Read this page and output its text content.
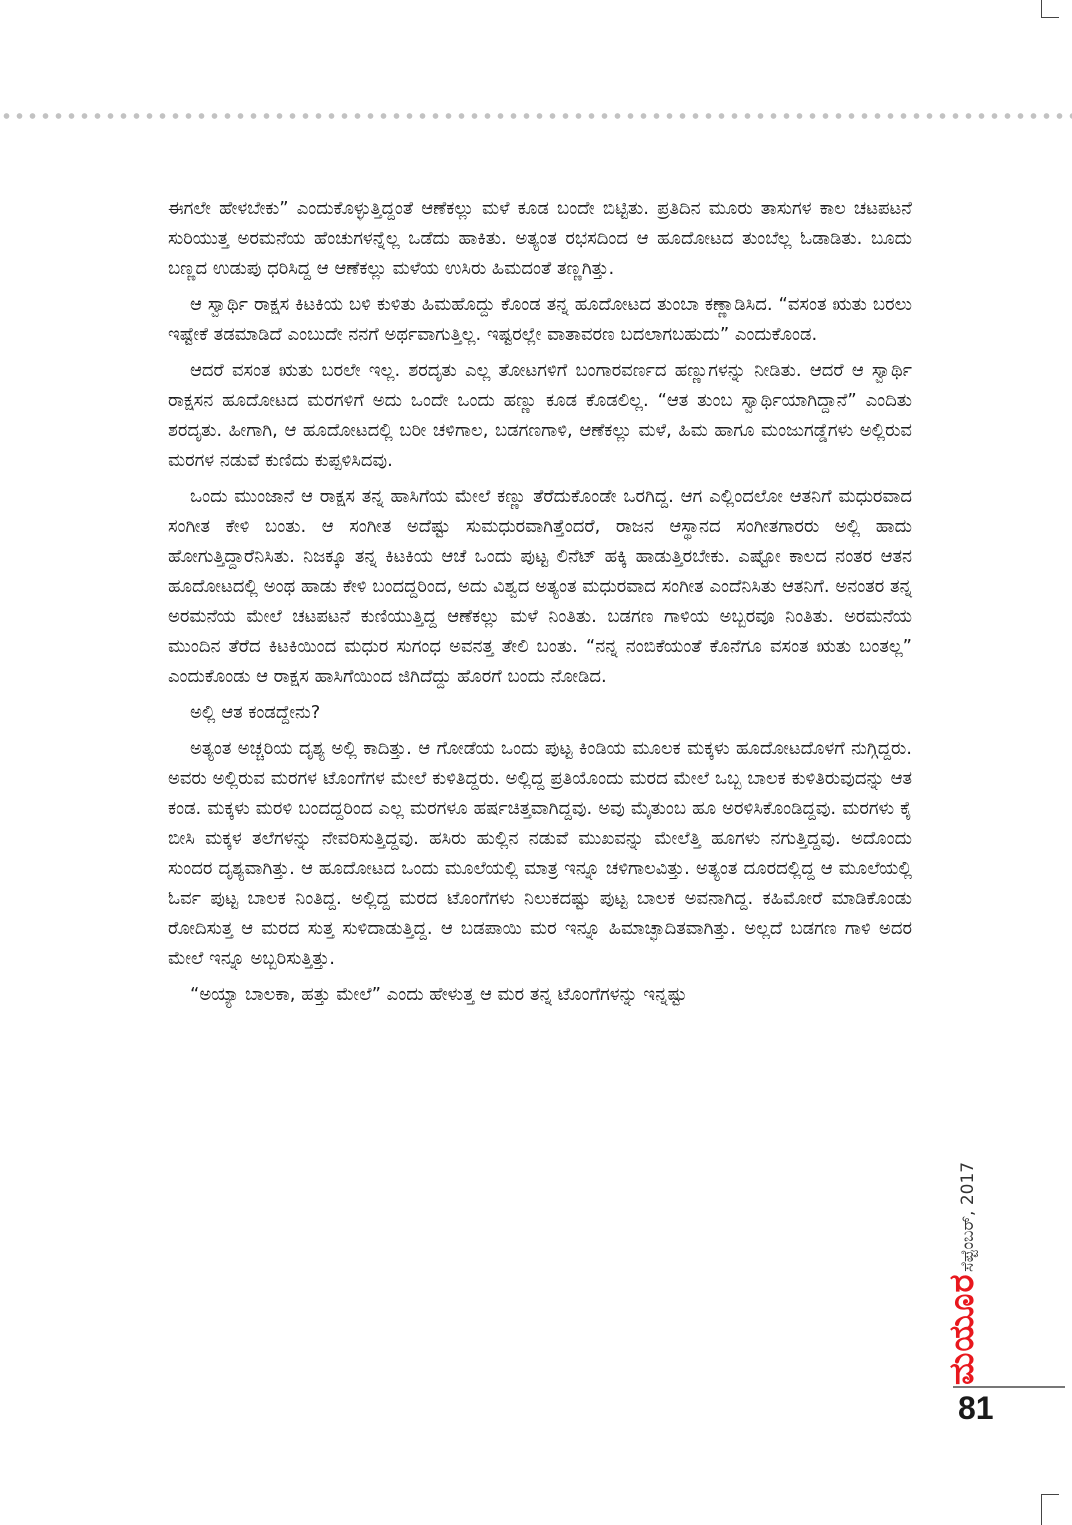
ಈಗಲೇ ಹೇಳಬೇಕು” ಎಂದುಕೊಳ್ಳುತ್ತಿದ್ದಂತೆ ಆಣೆಕಲ್ಲು ಮಳೆ ಕೂಡ ಬಂದೇ ಬಿಟ್ಟಿತು. ಪ್ರತಿದಿನ ಮೂರು ತಾಸುಗಳ ಕಾಲ ಚಟಪಟನೆ ಸುರಿಯುತ್ತ ಅರಮನೆಯ ಹೆಂಚುಗಳನ್ನೆಲ್ಲ ಒಡೆದು ಹಾಕಿತು. ಅತ್ಯಂತ ರಭಸದಿಂದ ಆ ಹೂದೋಟದ ತುಂಬೆಲ್ಲ ಓಡಾಡಿತು. ಬೂದು ಬಣ್ಣದ ಉಡುಪು ಧರಿಸಿದ್ದ ಆ ಆಣೆಕಲ್ಲು ಮಳೆಯ ಉಸಿರು ಹಿಮದಂತೆ ತಣ್ಣಗಿತ್ತು.

ಆ ಸ್ವಾರ್ಥಿ ರಾಕ್ಷಸ ಕಿಟಕಿಯ ಬಳಿ ಕುಳಿತು ಹಿಮಹೊದ್ದು ಕೊಂಡ ತನ್ನ ಹೂದೋಟದ ತುಂಬಾ ಕಣ್ಣಾಡಿಸಿದ. “ವಸಂತ ಋತು ಬರಲು ಇಷ್ಟೇಕೆ ತಡಮಾಡಿದೆ ಎಂಬುದೇ ನನಗೆ ಅರ್ಥವಾಗುತ್ತಿಲ್ಲ. ಇಷ್ಟರಲ್ಲೇ ವಾತಾವರಣ ಬದಲಾಗಬಹುದು” ಎಂದುಕೊಂಡ.

ಆದರೆ ವಸಂತ ಋತು ಬರಲೇ ಇಲ್ಲ. ಶರದೃತು ಎಲ್ಲ ತೋಟಗಳಿಗೆ ಬಂಗಾರವರ್ಣದ ಹಣ್ಣುಗಳನ್ನು ನೀಡಿತು. ಆದರೆ ಆ ಸ್ವಾರ್ಥಿ ರಾಕ್ಷಸನ ಹೂದೋಟದ ಮರಗಳಿಗೆ ಅದು ಒಂದೇ ಒಂದು ಹಣ್ಣು ಕೂಡ ಕೊಡಲಿಲ್ಲ. “ಆತ ತುಂಬ ಸ್ವಾರ್ಥಿಯಾಗಿದ್ದಾನೆ” ಎಂದಿತು ಶರದೃತು. ಹೀಗಾಗಿ, ಆ ಹೂದೋಟದಲ್ಲಿ ಬರೀ ಚಳಿಗಾಲ, ಬಡಗಣಗಾಳಿ, ಆಣೆಕಲ್ಲು ಮಳೆ, ಹಿಮ ಹಾಗೂ ಮಂಜುಗಡ್ಡೆಗಳು ಅಲ್ಲಿರುವ ಮರಗಳ ನಡುವೆ ಕುಣಿದು ಕುಪ್ಪಳಿಸಿದವು.

ಒಂದು ಮುಂಜಾನೆ ಆ ರಾಕ್ಷಸ ತನ್ನ ಹಾಸಿಗೆಯ ಮೇಲೆ ಕಣ್ಣು ತೆರೆದುಕೊಂಡೇ ಒರಗಿದ್ದ. ಆಗ ಎಲ್ಲಿಂದಲೋ ಆತನಿಗೆ ಮಧುರವಾದ ಸಂಗೀತ ಕೇಳಿ ಬಂತು. ಆ ಸಂಗೀತ ಅದೆಷ್ಟು ಸುಮಧುರವಾಗಿತ್ತೆಂದರೆ, ರಾಜನ ಆಸ್ಥಾನದ ಸಂಗೀತಗಾರರು ಅಲ್ಲಿ ಹಾದು ಹೋಗುತ್ತಿದ್ದಾರೆನಿಸಿತು. ನಿಜಕ್ಕೂ ತನ್ನ ಕಿಟಕಿಯ ಆಚೆ ಒಂದು ಪುಟ್ಟ ಲಿನೆಟ್ ಹಕ್ಕಿ ಹಾಡುತ್ತಿರಬೇಕು. ಎಷ್ಟೋ ಕಾಲದ ನಂತರ ಆತನ ಹೂದೋಟದಲ್ಲಿ ಅಂಥ ಹಾಡು ಕೇಳಿ ಬಂದದ್ದರಿಂದ, ಅದು ವಿಶ್ವದ ಅತ್ಯಂತ ಮಧುರವಾದ ಸಂಗೀತ ಎಂದೆನಿಸಿತು ಆತನಿಗೆ. ಅನಂತರ ತನ್ನ ಅರಮನೆಯ ಮೇಲೆ ಚಟಪಟನೆ ಕುಣಿಯುತ್ತಿದ್ದ ಆಣೆಕಲ್ಲು ಮಳೆ ನಿಂತಿತು. ಬಡಗಣ ಗಾಳಿಯ ಅಬ್ಬರವೂ ನಿಂತಿತು. ಅರಮನೆಯ ಮುಂದಿನ ತೆರೆದ ಕಿಟಕಿಯಿಂದ ಮಧುರ ಸುಗಂಧ ಅವನತ್ತ ತೇಲಿ ಬಂತು. “ನನ್ನ ನಂಬಿಕೆಯಂತೆ ಕೊನೆಗೂ ವಸಂತ ಋತು ಬಂತಲ್ಲ” ಎಂದುಕೊಂಡು ಆ ರಾಕ್ಷಸ ಹಾಸಿಗೆಯಿಂದ ಜಿಗಿದೆದ್ದು ಹೊರಗೆ ಬಂದು ನೋಡಿದ.

ಅಲ್ಲಿ ಆತ ಕಂಡದ್ದೇನು?

ಅತ್ಯಂತ ಅಚ್ಚರಿಯ ದೃಶ್ಯ ಅಲ್ಲಿ ಕಾದಿತ್ತು. ಆ ಗೋಡೆಯ ಒಂದು ಪುಟ್ಟ ಕಿಂಡಿಯ ಮೂಲಕ ಮಕ್ಕಳು ಹೂದೋಟದೊಳಗೆ ನುಗ್ಗಿದ್ದರು. ಅವರು ಅಲ್ಲಿರುವ ಮರಗಳ ಟೊಂಗೆಗಳ ಮೇಲೆ ಕುಳಿತಿದ್ದರು. ಅಲ್ಲಿದ್ದ ಪ್ರತಿಯೊಂದು ಮರದ ಮೇಲೆ ಒಬ್ಬ ಬಾಲಕ ಕುಳಿತಿರುವುದನ್ನು ಆತ ಕಂಡ. ಮಕ್ಕಳು ಮರಳಿ ಬಂದದ್ದರಿಂದ ಎಲ್ಲ ಮರಗಳೂ ಹರ್ಷಚಿತ್ತವಾಗಿದ್ದವು. ಅವು ಮೈತುಂಬ ಹೂ ಅರಳಿಸಿಕೊಂಡಿದ್ದವು. ಮರಗಳು ಕೈ ಬೀಸಿ ಮಕ್ಕಳ ತಲೆಗಳನ್ನು ನೇವರಿಸುತ್ತಿದ್ದವು. ಹಸಿರು ಹುಲ್ಲಿನ ನಡುವೆ ಮುಖವನ್ನು ಮೇಲೆತ್ತಿ ಹೂಗಳು ನಗುತ್ತಿದ್ದವು. ಅದೊಂದು ಸುಂದರ ದೃಶ್ಯವಾಗಿತ್ತು. ಆ ಹೂದೋಟದ ಒಂದು ಮೂಲೆಯಲ್ಲಿ ಮಾತ್ರ ಇನ್ನೂ ಚಳಿಗಾಲವಿತ್ತು. ಅತ್ಯಂತ ದೂರದಲ್ಲಿದ್ದ ಆ ಮೂಲೆಯಲ್ಲಿ ಓರ್ವ ಪುಟ್ಟ ಬಾಲಕ ನಿಂತಿದ್ದ. ಅಲ್ಲಿದ್ದ ಮರದ ಟೊಂಗೆಗಳು ನಿಲುಕದಷ್ಟು ಪುಟ್ಟ ಬಾಲಕ ಅವನಾಗಿದ್ದ. ಕಹಿಮೋರೆ ಮಾಡಿಕೊಂಡು ರೋದಿಸುತ್ತ ಆ ಮರದ ಸುತ್ತ ಸುಳಿದಾಡುತ್ತಿದ್ದ. ಆ ಬಡಪಾಯಿ ಮರ ಇನ್ನೂ ಹಿಮಾಚ್ಛಾದಿತವಾಗಿತ್ತು. ಅಲ್ಲದೆ ಬಡಗಣ ಗಾಳಿ ಅದರ ಮೇಲೆ ಇನ್ನೂ ಅಬ್ಬರಿಸುತ್ತಿತ್ತು.

“ಅಯ್ಯಾ ಬಾಲಕಾ, ಹತ್ತು ಮೇಲೆ” ಎಂದು ಹೇಳುತ್ತ ಆ ಮರ ತನ್ನ ಟೊಂಗೆಗಳನ್ನು ಇನ್ನಷ್ಟು

ಸೆಪ್ಟೆಂಬರ್, 2017
ಮಯೂರ
81
